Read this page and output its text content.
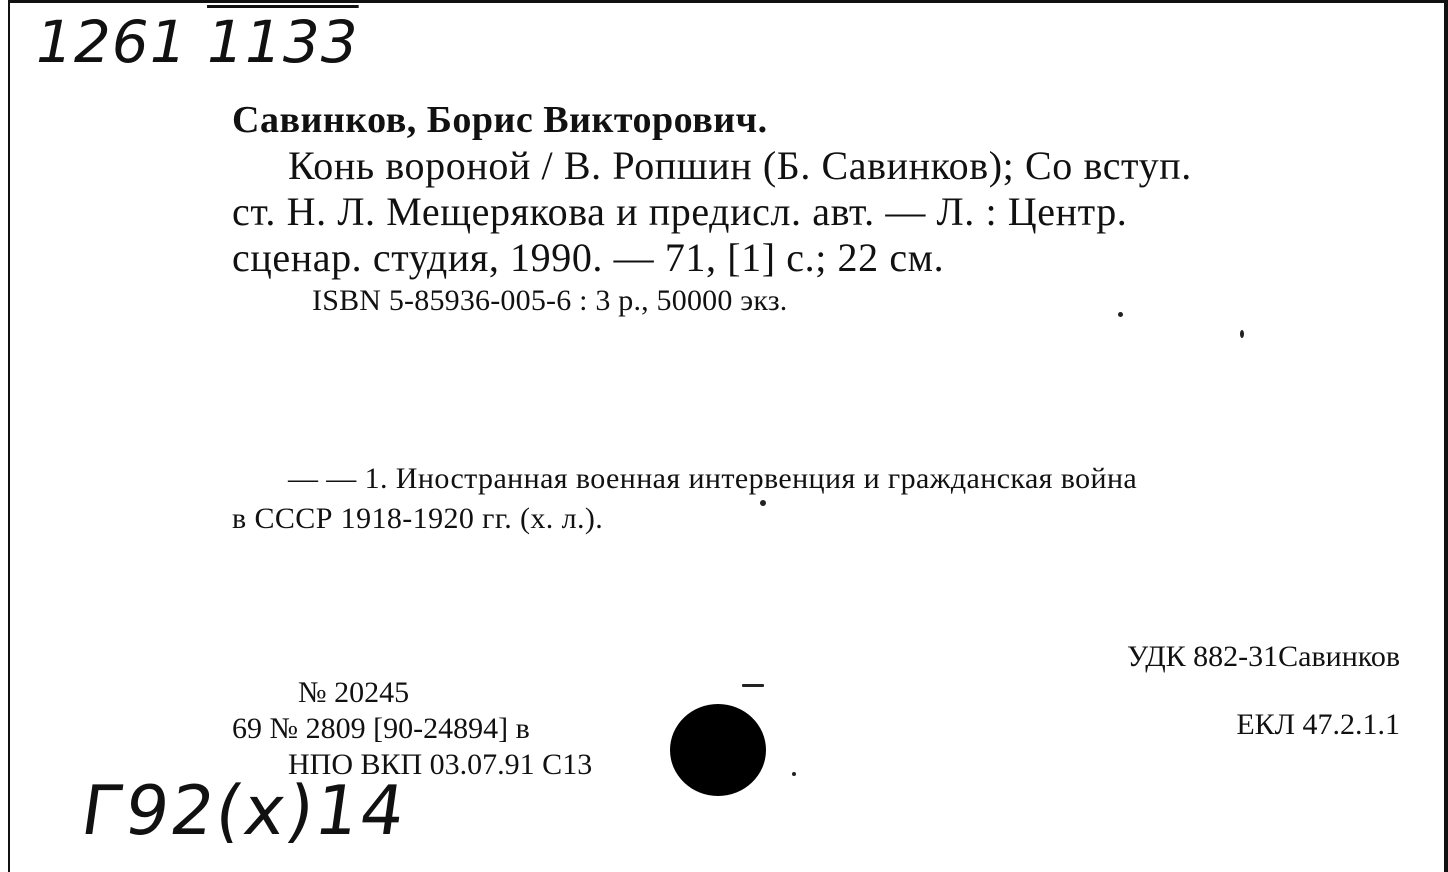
1261 1133
Савинков, Борис Викторович.
Конь вороной / В. Ропшин (Б. Савинков); Со вступ.
ст. Н. Л. Мещерякова и предисл. авт. — Л. : Центр.
сценар. студия, 1990. — 71, [1] с.; 22 см.
ISBN 5-85936-005-6 : 3 р., 50000 экз.
— — 1. Иностранная военная интервенция и гражданская война
в СССР 1918-1920 гг. (х. л.).
УДК 882-31Савинков
ЕКЛ 47.2.1.1
№ 20245
69 № 2809 [90-24894] в
НПО ВКП 03.07.91 С13
Г92(х)14
